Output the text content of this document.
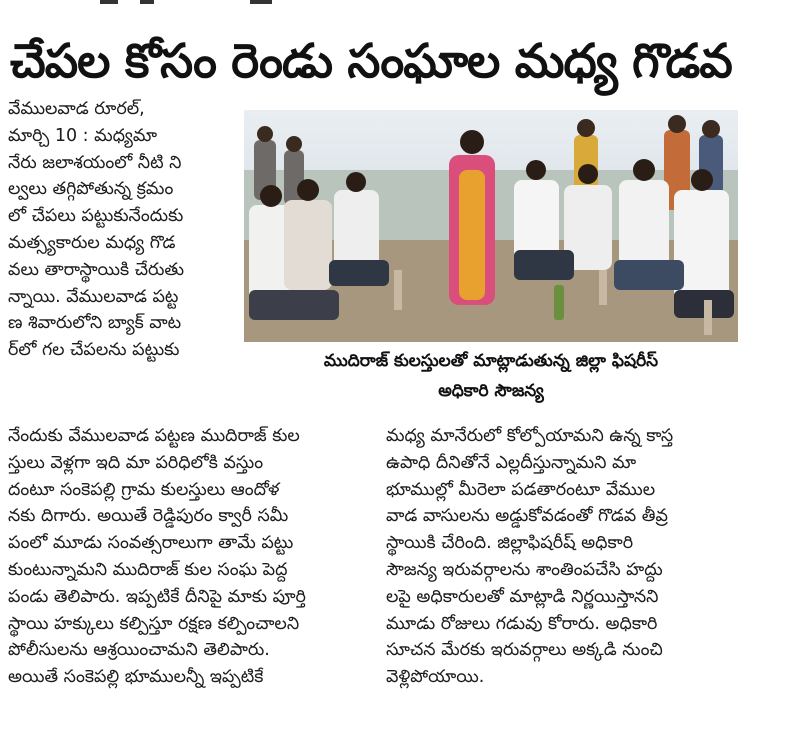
చేపల కోసం రెండు సంఘాల మధ్య గొడవ
వేములవాడ రూరల్,
మార్చి 10 : మధ్యమా
నేరు జలాశయంలో నీటి ని
ల్వలు తగ్గిపోతున్న క్రమం
లో చేపలు పట్టుకునేందుకు
మత్స్యకారుల మధ్య గొడ
వలు తారాస్థాయికి చేరుతు
న్నాయి. వేములవాడ పట్ట
ణ శివారులోని బ్యాక్ వాట
ర్‌లో గల చేపలను పట్టుకు
ముదిరాజ్ కులస్తులతో మాట్లాడుతున్న జిల్లా ఫిషరీస్
అధికారి సౌజన్య
నేందుకు వేములవాడ పట్టణ ముదిరాజ్ కుల
స్తులు వెళ్లగా ఇది మా పరిధిలోకి వస్తుం
దంటూ సంకెపల్లి గ్రామ కులస్తులు ఆందోళ
నకు దిగారు. అయితే రెడ్డిపురం క్వారీ సమీ
పంలో మూడు సంవత్సరాలుగా తామే పట్టు
కుంటున్నామని ముదిరాజ్ కుల సంఘ పెద్ద
పండు తెలిపారు. ఇప్పటికే దీనిపై మాకు పూర్తి
స్థాయి హక్కులు కల్పిస్తూ రక్షణ కల్పించాలని
పోలీసులను ఆశ్రయించామని తెలిపారు.
అయితే సంకెపల్లి భూములన్నీ ఇప్పటికే
మధ్య మానేరులో కోల్పోయామని ఉన్న కాస్త
ఉపాధి దీనితోనే ఎల్లదీస్తున్నామని మా
భూముల్లో మీరెలా పడతారంటూ వేముల
వాడ వాసులను అడ్డుకోవడంతో గొడవ తీవ్ర
స్థాయికి చేరింది. జిల్లాఫిషరీష్ అధికారి
సౌజన్య ఇరువర్గాలను శాంతింపచేసి హద్దు
లపై అధికారులతో మాట్లాడి నిర్ణయిస్తానని
మూడు రోజులు గడువు కోరారు. అధికారి
సూచన మేరకు ఇరువర్గాలు అక్కడి నుంచి
వెళ్లిపోయాయి.
